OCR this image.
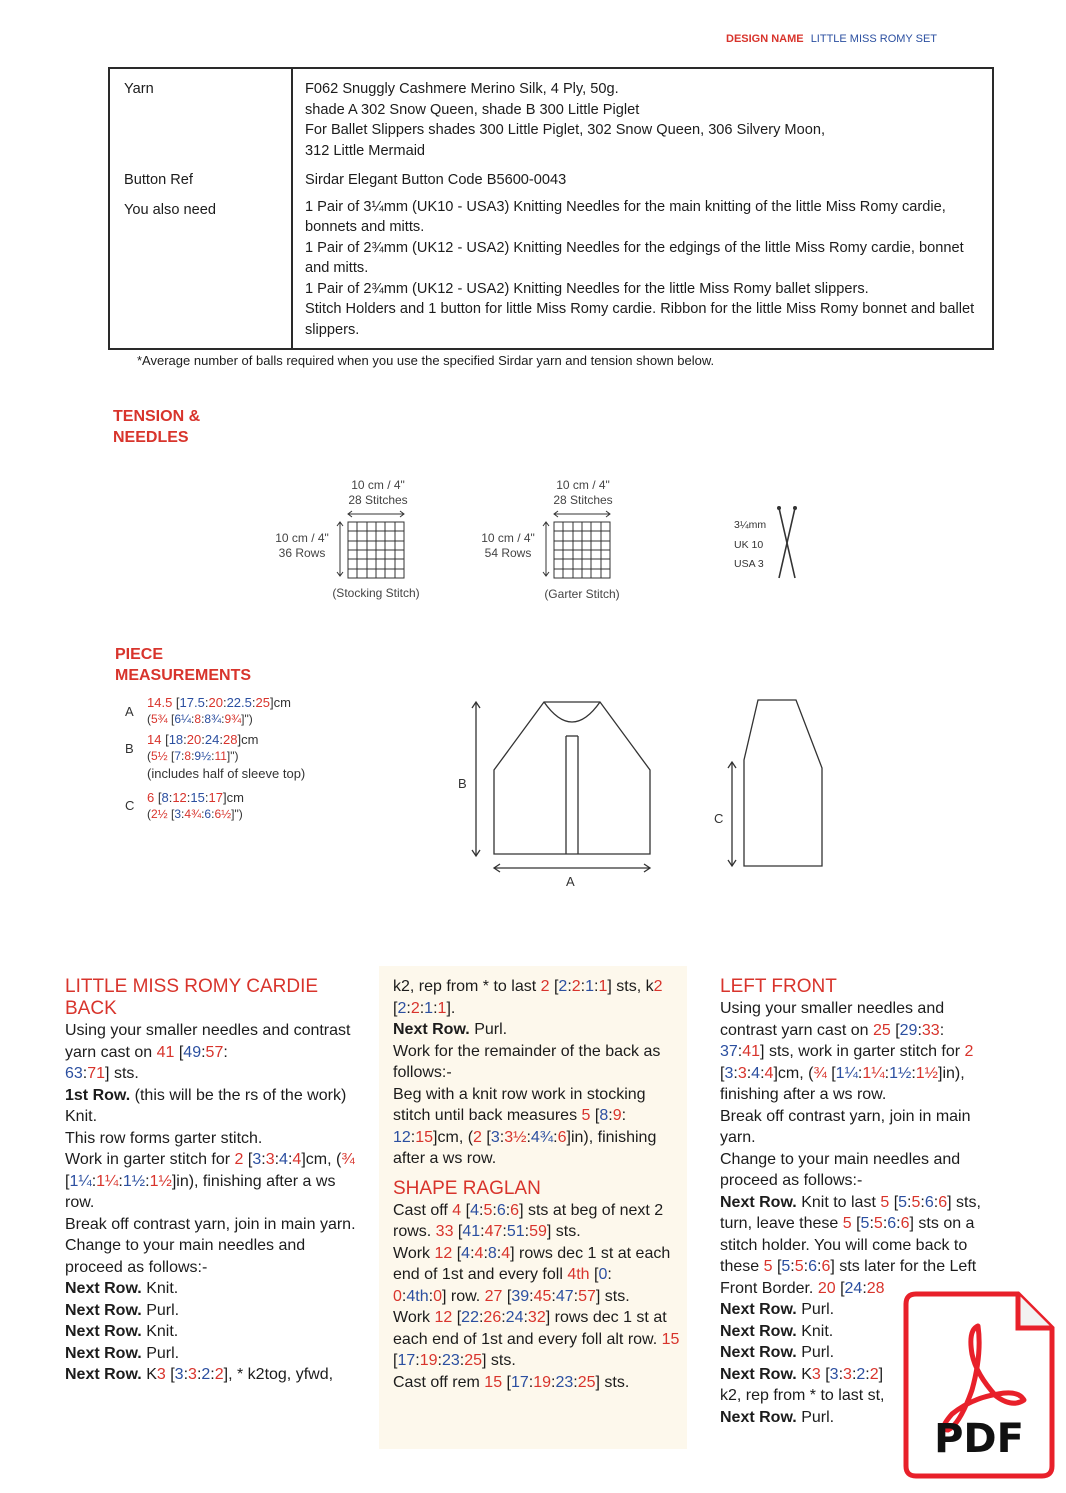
DESIGN NAME LITTLE MISS ROMY SET
Yarn	F062 Snuggly Cashmere Merino Silk, 4 Ply, 50g.
shade A 302 Snow Queen, shade B 300 Little Piglet
For Ballet Slippers shades 300 Little Piglet, 302 Snow Queen, 306 Silvery Moon,
312 Little Mermaid

Button Ref	Sirdar Elegant Button Code B5600-0043

You also need	1 Pair of 3¼mm (UK10 - USA3) Knitting Needles for the main knitting of the little Miss Romy cardie, bonnets and mitts.
1 Pair of 2¾mm (UK12 - USA2) Knitting Needles for the edgings of the little Miss Romy cardie, bonnet and mitts.
1 Pair of 2¾mm (UK12 - USA2) Knitting Needles for the little Miss Romy ballet slippers.
Stitch Holders and 1 button for little Miss Romy cardie. Ribbon for the little Miss Romy bonnet and ballet slippers.
*Average number of balls required when you use the specified Sirdar yarn and tension shown below.
TENSION &
NEEDLES
10 cm / 4"
28 Stitches
10 cm / 4"
36 Rows
(Stocking Stitch)
10 cm / 4"
28 Stitches
10 cm / 4"
54 Rows
(Garter Stitch)
3¼mm
UK 10
USA 3
PIECE
MEASUREMENTS
A
14.5 [17.5:20:22.5:25]cm
(5¾ [6¼:8:8¾:9¾]")
B
14 [18:20:24:28]cm
(5½ [7:8:9½:11]")
(includes half of sleeve top)
C
6 [8:12:15:17]cm
(2½ [3:4¾:6:6½]")
B
A
C
LITTLE MISS ROMY CARDIE
BACK

Using your smaller needles and contrast yarn cast on 41 [49:57:
63:71] sts.

1st Row. (this will be the rs of the work) Knit.

This row forms garter stitch.

Work in garter stitch for 2 [3:3:4:4]cm, (¾ [1¼:1¼:1½:1½]in), finishing after a ws row.

Break off contrast yarn, join in main yarn.

Change to your main needles and proceed as follows:-

Next Row. Knit.

Next Row. Purl.

Next Row. Knit.

Next Row. Purl.

Next Row. K3 [3:3:2:2], * k2tog, yfwd,

k2, rep from * to last 2 [2:2:1:1] sts, k2 [2:2:1:1].

Next Row. Purl.

Work for the remainder of the back as follows:-

Beg with a knit row work in stocking stitch until back measures 5 [8:9:
12:15]cm, (2 [3:3½:4¾:6]in), finishing after a ws row.

SHAPE RAGLAN

Cast off 4 [4:5:6:6] sts at beg of next 2 rows. 33 [41:47:51:59] sts.

Work 12 [4:4:8:4] rows dec 1 st at each end of 1st and every foll 4th [0:
0:4th:0] row. 27 [39:45:47:57] sts.

Work 12 [22:26:24:32] rows dec 1 st at each end of 1st and every foll alt row. 15 [17:19:23:25] sts.

Cast off rem 15 [17:19:23:25] sts.

LEFT FRONT

Using your smaller needles and contrast yarn cast on 25 [29:33:
37:41] sts, work in garter stitch for 2 [3:3:4:4]cm, (¾ [1¼:1¼:1½:1½]in), finishing after a ws row.

Break off contrast yarn, join in main yarn.

Change to your main needles and proceed as follows:-

Next Row. Knit to last 5 [5:5:6:6] sts, turn, leave these 5 [5:5:6:6] sts on a stitch holder. You will come back to these 5 [5:5:6:6] sts later for the Left Front Border. 20 [24:28

Next Row. Purl.

Next Row. Knit.

Next Row. Purl.

Next Row. K3 [3:3:2:2]

k2, rep from * to last st,

Next Row. Purl.	PDF
